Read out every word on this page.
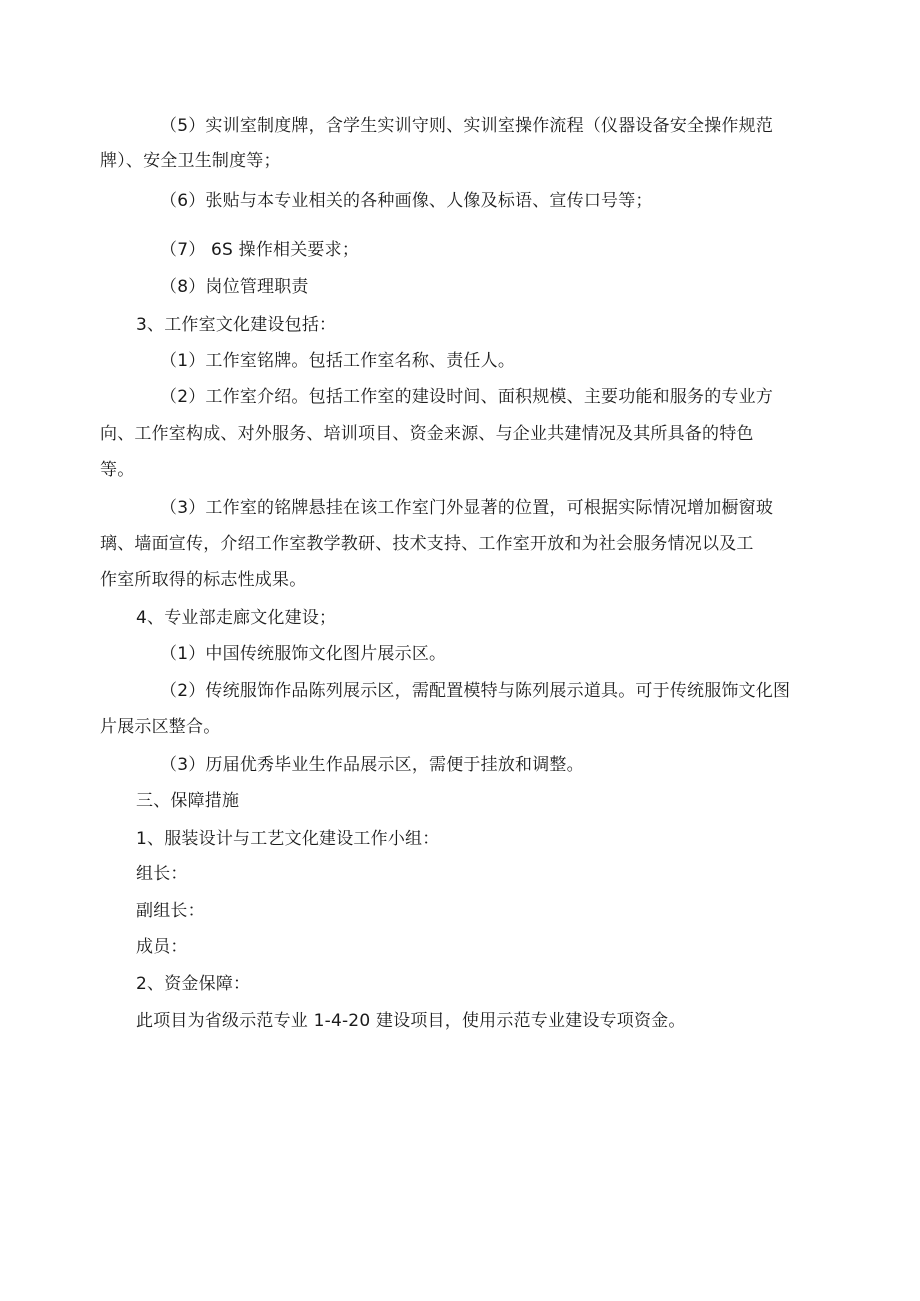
（5）实训室制度牌，含学生实训守则、实训室操作流程（仪器设备安全操作规范
牌）、安全卫生制度等；
（6）张贴与本专业相关的各种画像、人像及标语、宣传口号等；
（7） 6S 操作相关要求；
（8）岗位管理职责
3、工作室文化建设包括：
（1）工作室铭牌。包括工作室名称、责任人。
（2）工作室介绍。包括工作室的建设时间、面积规模、主要功能和服务的专业方
向、工作室构成、对外服务、培训项目、资金来源、与企业共建情况及其所具备的特色
等。
（3）工作室的铭牌悬挂在该工作室门外显著的位置，可根据实际情况增加橱窗玻
璃、墙面宣传，介绍工作室教学教研、技术支持、工作室开放和为社会服务情况以及工
作室所取得的标志性成果。
4、专业部走廊文化建设；
（1）中国传统服饰文化图片展示区。
（2）传统服饰作品陈列展示区，需配置模特与陈列展示道具。可于传统服饰文化图
片展示区整合。
（3）历届优秀毕业生作品展示区，需便于挂放和调整。
三、保障措施
1、服装设计与工艺文化建设工作小组：
组长：
副组长：
成员：
2、资金保障：
此项目为省级示范专业 1-4-20 建设项目，使用示范专业建设专项资金。
